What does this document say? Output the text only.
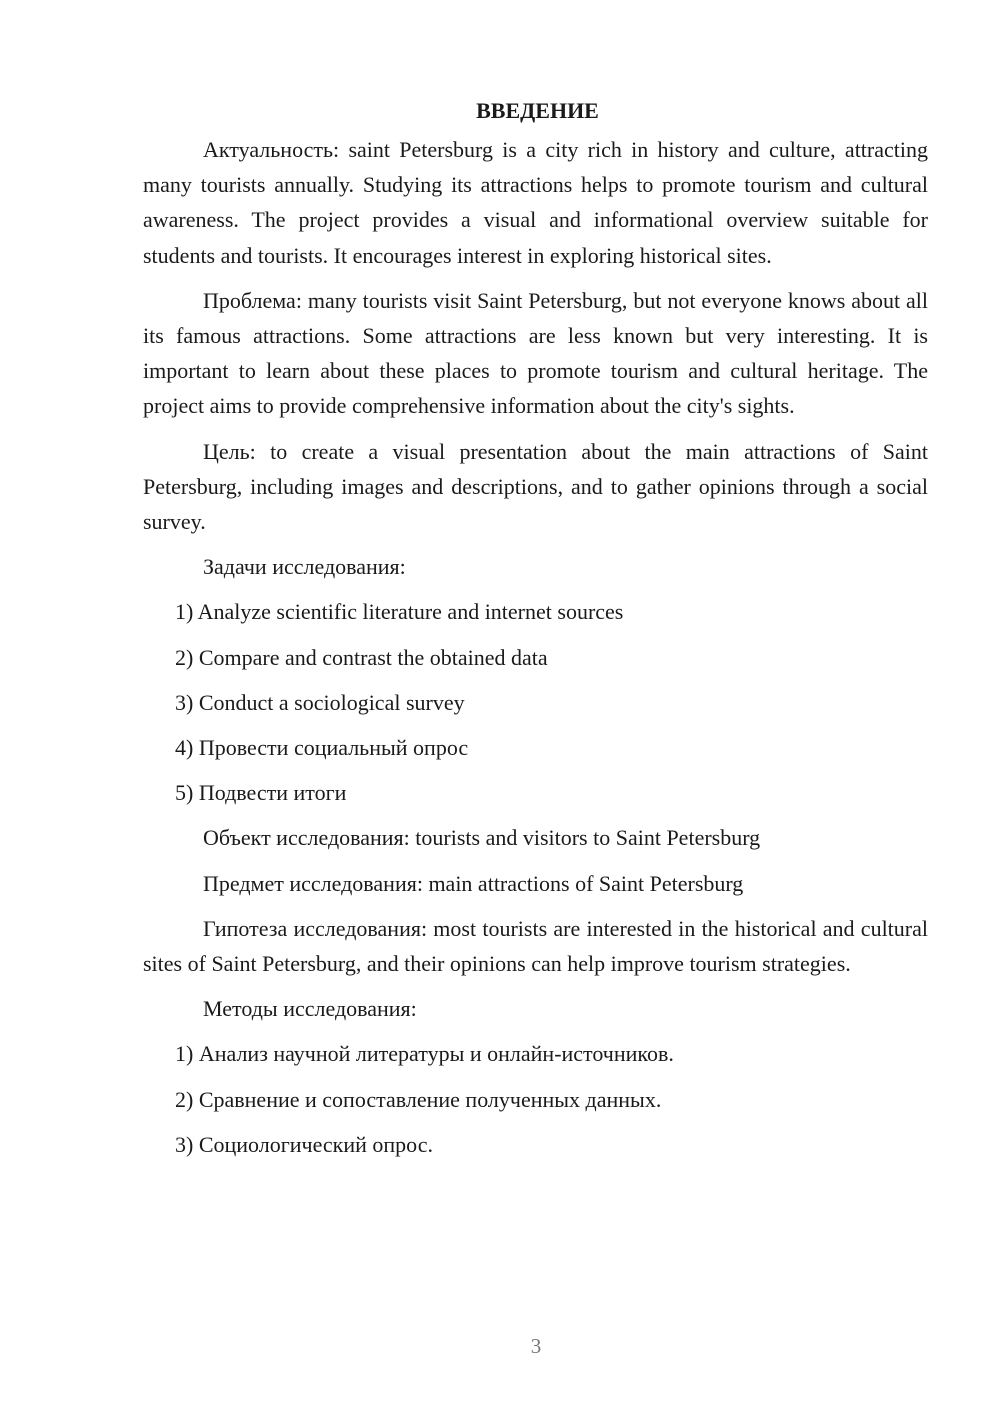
ВВЕДЕНИЕ

Актуальность: saint Petersburg is a city rich in history and culture, attracting many tourists annually. Studying its attractions helps to promote tourism and cultural awareness. The project provides a visual and informational overview suitable for students and tourists. It encourages interest in exploring historical sites.

Проблема: many tourists visit Saint Petersburg, but not everyone knows about all its famous attractions. Some attractions are less known but very interesting. It is important to learn about these places to promote tourism and cultural heritage. The project aims to provide comprehensive information about the city's sights.

Цель: to create a visual presentation about the main attractions of Saint Petersburg, including images and descriptions, and to gather opinions through a social survey.

Задачи исследования:
1) Analyze scientific literature and internet sources
2) Compare and contrast the obtained data
3) Conduct a sociological survey
4) Провести социальный опрос
5) Подвести итоги
Объект исследования: tourists and visitors to Saint Petersburg
Предмет исследования: main attractions of Saint Petersburg

Гипотеза исследования: most tourists are interested in the historical and cultural sites of Saint Petersburg, and their opinions can help improve tourism strategies.

Методы исследования:
1) Анализ научной литературы и онлайн-источников.
2) Сравнение и сопоставление полученных данных.
3) Социологический опрос.
3
